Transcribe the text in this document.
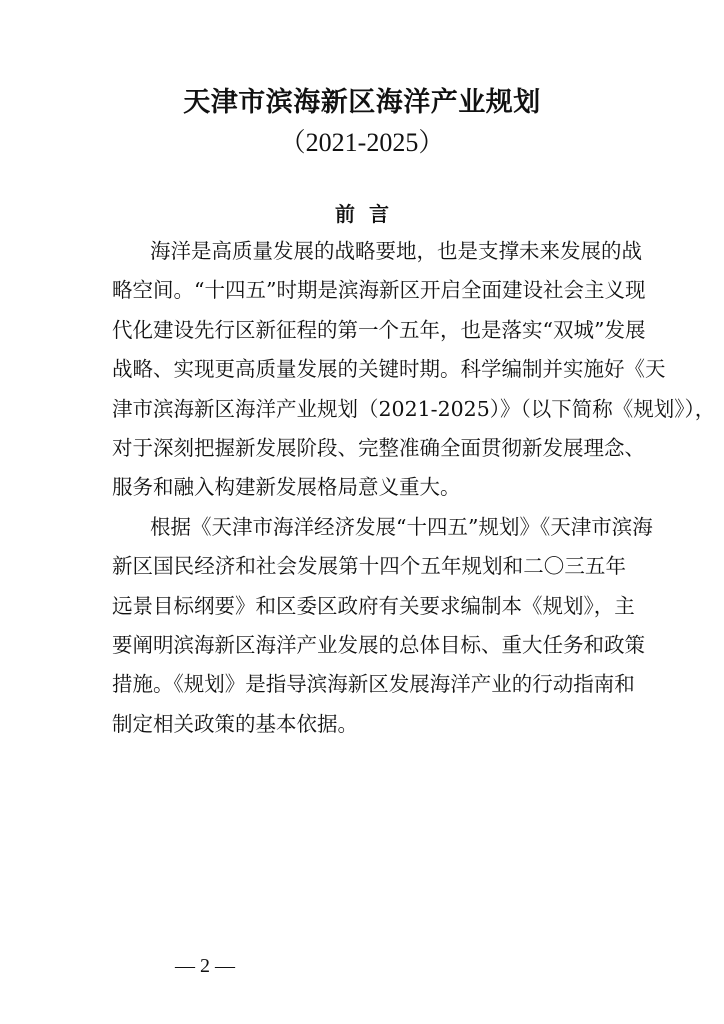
天津市滨海新区海洋产业规划
（2021-2025）
前言
海洋是高质量发展的战略要地，也是支撑未来发展的战
略空间。“十四五”时期是滨海新区开启全面建设社会主义现
代化建设先行区新征程的第一个五年，也是落实“双城”发展
战略、实现更高质量发展的关键时期。科学编制并实施好《天
津市滨海新区海洋产业规划（2021-2025）》（以下简称《规划》），
对于深刻把握新发展阶段、完整准确全面贯彻新发展理念、
服务和融入构建新发展格局意义重大。
根据《天津市海洋经济发展“十四五”规划》《天津市滨海
新区国民经济和社会发展第十四个五年规划和二〇三五年
远景目标纲要》和区委区政府有关要求编制本《规划》，主
要阐明滨海新区海洋产业发展的总体目标、重大任务和政策
措施。《规划》是指导滨海新区发展海洋产业的行动指南和
制定相关政策的基本依据。
— 2 —
